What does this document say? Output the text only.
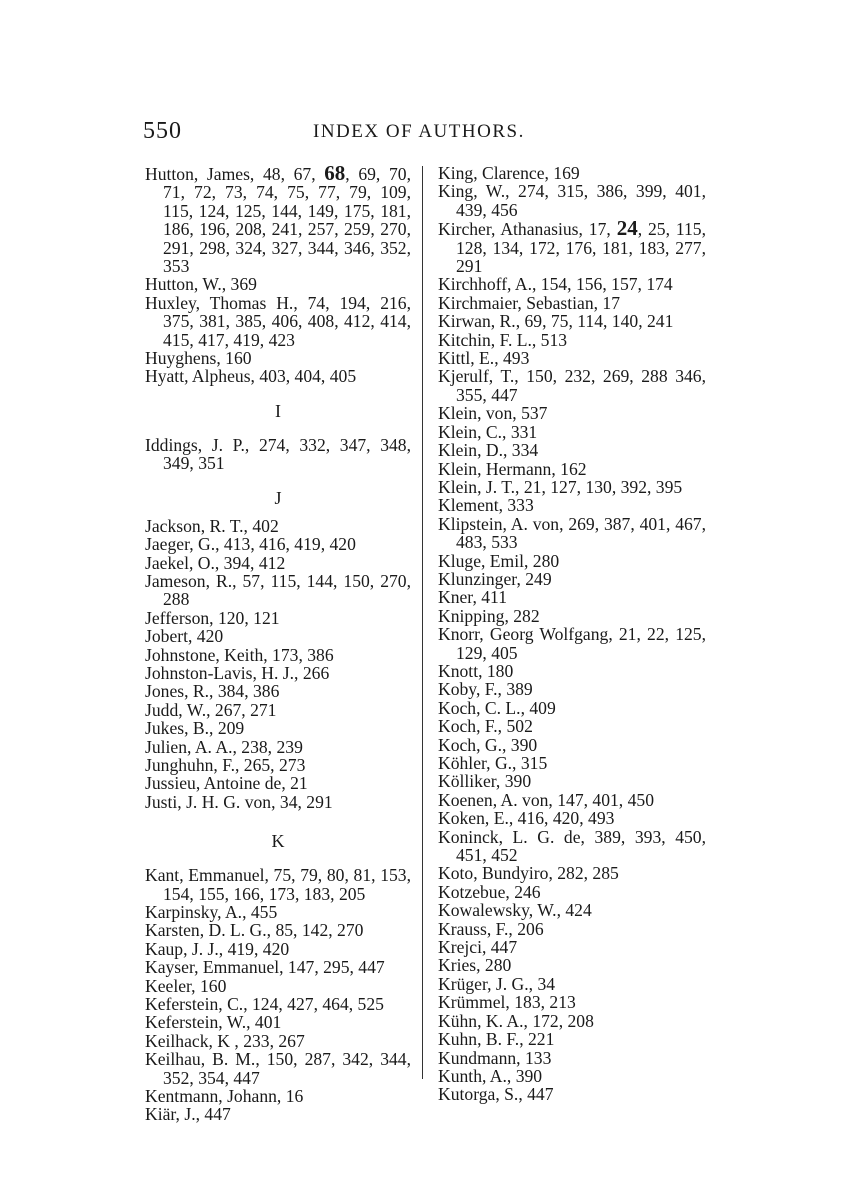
550	INDEX OF AUTHORS.

Hutton, James, 48, 67, 68, 69, 70, 71, 72, 73, 74, 75, 77, 79, 109, 115, 124, 125, 144, 149, 175, 181, 186, 196, 208, 241, 257, 259, 270, 291, 298, 324, 327, 344, 346, 352, 353

Hutton, W., 369

Huxley, Thomas H., 74, 194, 216, 375, 381, 385, 406, 408, 412, 414, 415, 417, 419, 423

Huyghens, 160

Hyatt, Alpheus, 403, 404, 405

I

Iddings, J. P., 274, 332, 347, 348, 349, 351

J

Jackson, R. T., 402

Jaeger, G., 413, 416, 419, 420

Jaekel, O., 394, 412

Jameson, R., 57, 115, 144, 150, 270, 288

Jefferson, 120, 121

Jobert, 420

Johnstone, Keith, 173, 386

Johnston-Lavis, H. J., 266

Jones, R., 384, 386

Judd, W., 267, 271

Jukes, B., 209

Julien, A. A., 238, 239

Junghuhn, F., 265, 273

Jussieu, Antoine de, 21

Justi, J. H. G. von, 34, 291

K

Kant, Emmanuel, 75, 79, 80, 81, 153, 154, 155, 166, 173, 183, 205

Karpinsky, A., 455

Karsten, D. L. G., 85, 142, 270

Kaup, J. J., 419, 420

Kayser, Emmanuel, 147, 295, 447

Keeler, 160

Keferstein, C., 124, 427, 464, 525

Keferstein, W., 401

Keilhack, K , 233, 267

Keilhau, B. M., 150, 287, 342, 344, 352, 354, 447

Kentmann, Johann, 16

Kiär, J., 447

King, Clarence, 169

King, W., 274, 315, 386, 399, 401, 439, 456

Kircher, Athanasius, 17, 24, 25, 115, 128, 134, 172, 176, 181, 183, 277, 291

Kirchhoff, A., 154, 156, 157, 174

Kirchmaier, Sebastian, 17

Kirwan, R., 69, 75, 114, 140, 241

Kitchin, F. L., 513

Kittl, E., 493

Kjerulf, T., 150, 232, 269, 288 346, 355, 447

Klein, von, 537

Klein, C., 331

Klein, D., 334

Klein, Hermann, 162

Klein, J. T., 21, 127, 130, 392, 395

Klement, 333

Klipstein, A. von, 269, 387, 401, 467, 483, 533

Kluge, Emil, 280

Klunzinger, 249

Kner, 411

Knipping, 282

Knorr, Georg Wolfgang, 21, 22, 125, 129, 405

Knott, 180

Koby, F., 389

Koch, C. L., 409

Koch, F., 502

Koch, G., 390

Köhler, G., 315

Kölliker, 390

Koenen, A. von, 147, 401, 450

Koken, E., 416, 420, 493

Koninck, L. G. de, 389, 393, 450, 451, 452

Koto, Bundyiro, 282, 285

Kotzebue, 246

Kowalewsky, W., 424

Krauss, F., 206

Krejci, 447

Kries, 280

Krüger, J. G., 34

Krümmel, 183, 213

Kühn, K. A., 172, 208

Kuhn, B. F., 221

Kundmann, 133

Kunth, A., 390

Kutorga, S., 447
